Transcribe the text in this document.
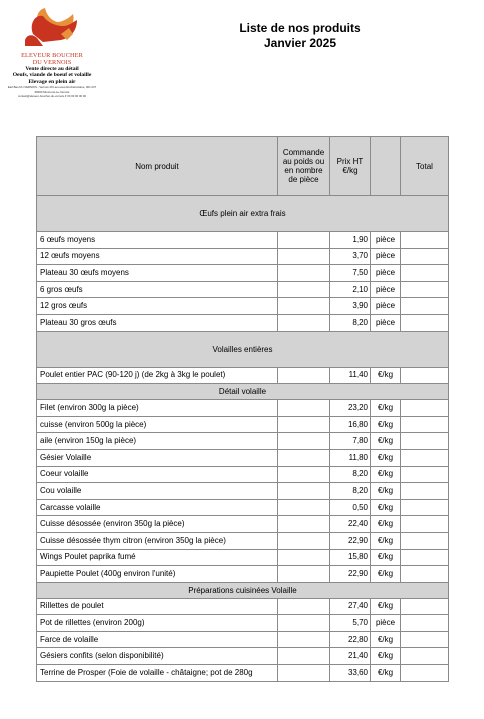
ELEVEUR BOUCHER
DU VERNOIS
Vente directe au détail
Oeufs, viande de boeuf et volaille
Elevage en plein air
Earl Bau DU VERNOIS - Vernois 39 Lieu-sous-Rochefontaine, 001 037
68000 Monnerot-Le-Vernois
contact@eleveur-boucher-du-vernois.fr 00 00 00 00 00
Liste de nos produits
Janvier 2025
Nom produit	Commande au poids ou en nombre de pièce	Prix HT €/kg		Total
Œufs plein air extra frais				
6 œufs moyens		1,90	pièce	
12 œufs moyens		3,70	pièce	
Plateau 30 œufs moyens		7,50	pièce	
6 gros œufs		2,10	pièce	
12 gros œufs		3,90	pièce	
Plateau 30 gros œufs		8,20	pièce	
Volailles entières				
Poulet entier PAC (90-120 j) (de 2kg à 3kg le poulet)		11,40	€/kg	
Détail volaille				
Filet (environ 300g la pièce)		23,20	€/kg	
cuisse (environ 500g la pièce)		16,80	€/kg	
aile (environ 150g la pièce)		7,80	€/kg	
Gésier Volaille		11,80	€/kg	
Coeur volaille		8,20	€/kg	
Cou volaille		8,20	€/kg	
Carcasse volaille		0,50	€/kg	
Cuisse désossée (environ 350g la pièce)		22,40	€/kg	
Cuisse désossée thym citron (environ 350g la pièce)		22,90	€/kg	
Wings Poulet paprika fumé		15,80	€/kg	
Paupiette Poulet (400g environ l'unité)		22,90	€/kg	
Préparations cuisinées Volaille				
Rillettes de poulet		27,40	€/kg	
Pot de rillettes (environ 200g)		5,70	pièce	
Farce de volaille		22,80	€/kg	
Gésiers confits (selon disponibilité)		21,40	€/kg	
Terrine de Prosper (Foie de volaille - châtaigne; pot de 280g		33,60	€/kg	
